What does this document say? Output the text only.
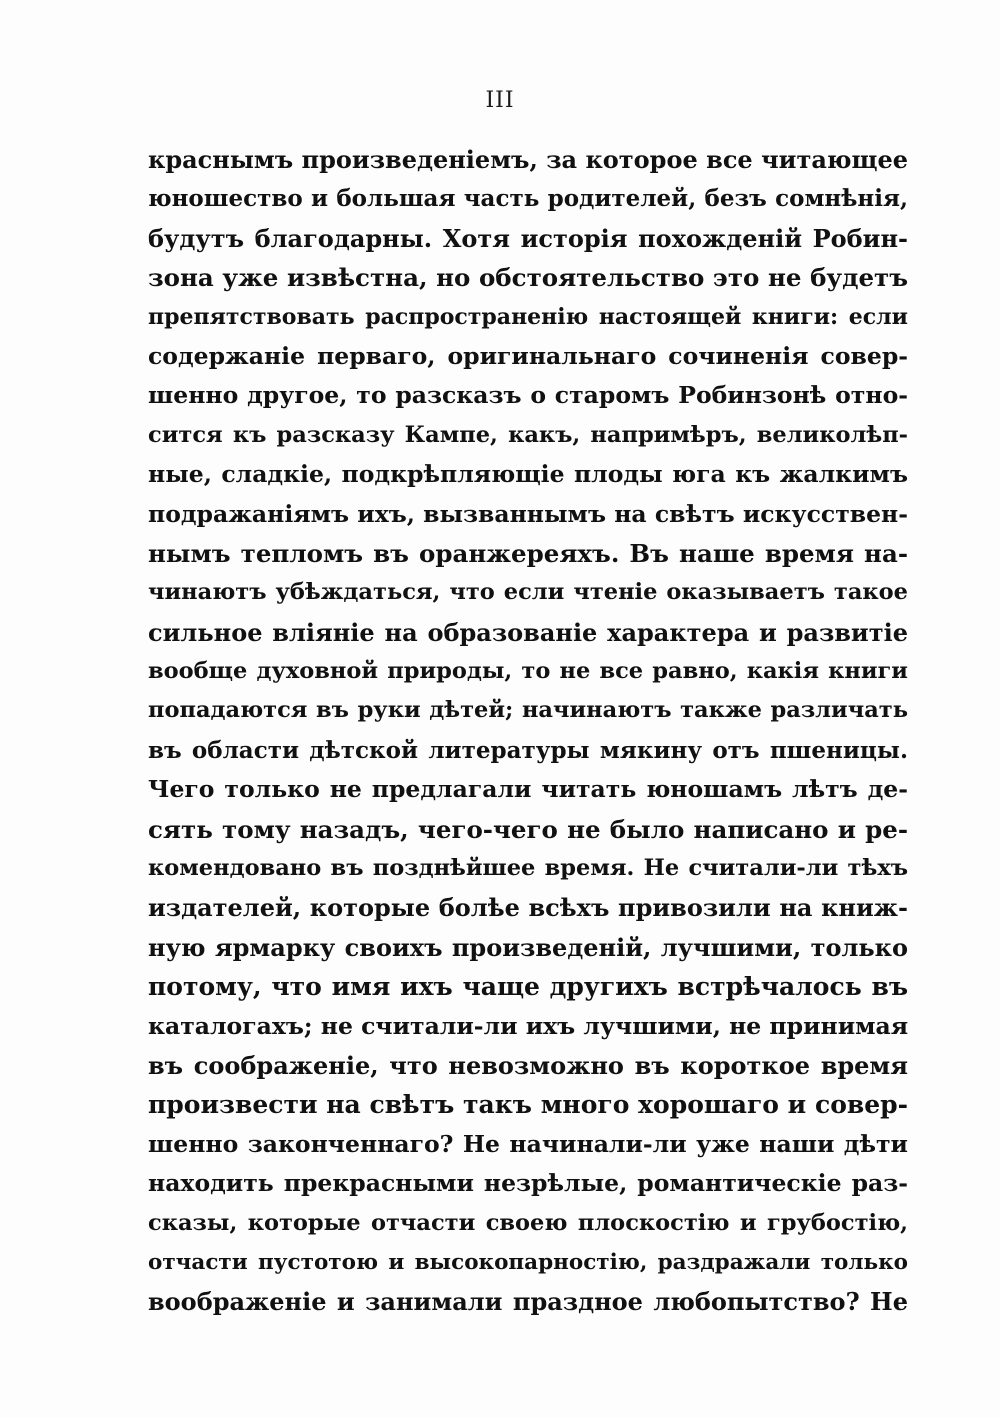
III
краснымъ произведеніемъ, за которое все читающее
юношество и большая часть родителей, безъ сомнѣнія,
будутъ благодарны. Хотя исторія похожденій Робин-
зона уже извѣстна, но обстоятельство это не будетъ
препятствовать распространенію настоящей книги: если
содержаніе перваго, оригинальнаго сочиненія совер-
шенно другое, то разсказъ о старомъ Робинзонѣ отно-
сится къ разсказу Кампе, какъ, напримѣръ, великолѣп-
ные, сладкіе, подкрѣпляющіе плоды юга къ жалкимъ
подражаніямъ ихъ, вызваннымъ на свѣтъ искусствен-
нымъ тепломъ въ оранжереяхъ. Въ наше время на-
чинаютъ убѣждаться, что если чтеніе оказываетъ такое
сильное вліяніе на образованіе характера и развитіе
вообще духовной природы, то не все равно, какія книги
попадаются въ руки дѣтей; начинаютъ также различать
въ области дѣтской литературы мякину отъ пшеницы.
Чего только не предлагали читать юношамъ лѣтъ де-
сять тому назадъ, чего-чего не было написано и ре-
комендовано въ позднѣйшее время. Не считали-ли тѣхъ
издателей, которые болѣе всѣхъ привозили на книж-
ную ярмарку своихъ произведеній, лучшими, только
потому, что имя ихъ чаще другихъ встрѣчалось въ
каталогахъ; не считали-ли ихъ лучшими, не принимая
въ соображеніе, что невозможно въ короткое время
произвести на свѣтъ такъ много хорошаго и совер-
шенно законченнаго? Не начинали-ли уже наши дѣти
находить прекрасными незрѣлые, романтическіе раз-
сказы, которые отчасти своею плоскостію и грубостію,
отчасти пустотою и высокопарностію, раздражали только
воображеніе и занимали праздное любопытство? Не
